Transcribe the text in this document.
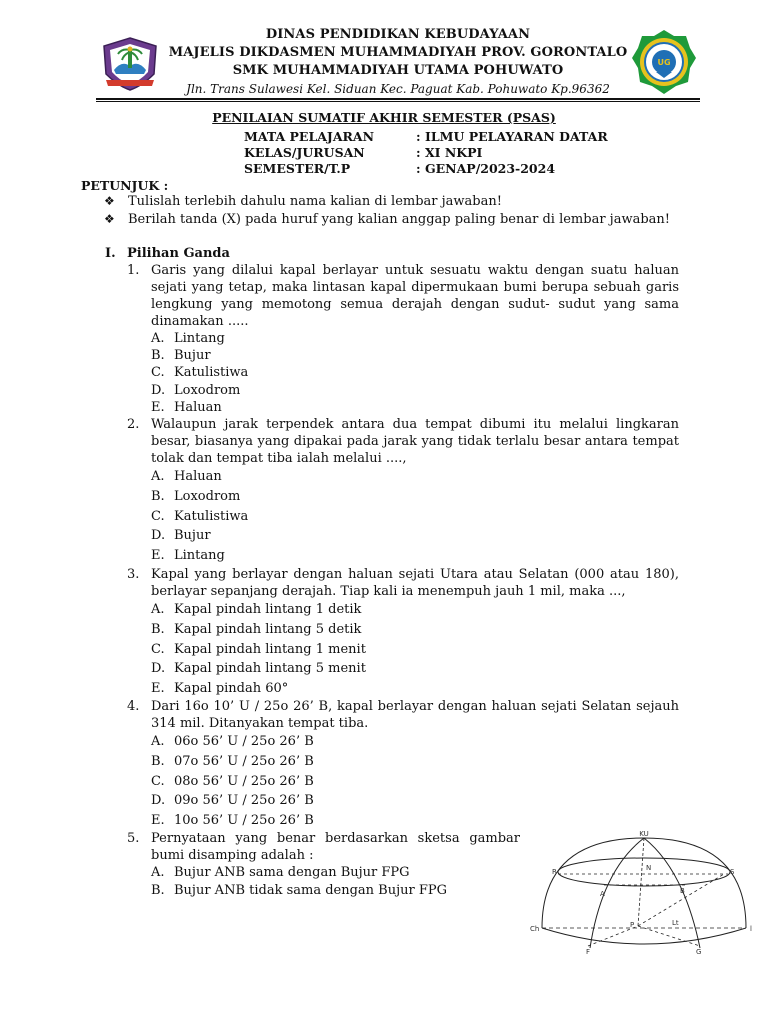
DINAS PENDIDIKAN KEBUDAYAAN
MAJELIS DIKDASMEN MUHAMMADIYAH PROV. GORONTALO
SMK MUHAMMADIYAH UTAMA POHUWATO
Jln. Trans Sulawesi Kel. Siduan Kec. Paguat Kab. Pohuwato Kp.96362
UG
PENILAIAN SUMATIF AKHIR SEMESTER (PSAS)
MATA PELAJARAN	: ILMU PELAYARAN DATAR
KELAS/JURUSAN	: XI NKPI
SEMESTER/T.P	: GENAP/2023-2024
PETUNJUK :
❖ Tulislah terlebih dahulu nama kalian di lembar jawaban!
❖ Berilah tanda (X) pada huruf yang kalian anggap paling benar di lembar jawaban!
I. Pilihan Ganda
1. Garis yang dilalui kapal berlayar untuk sesuatu waktu dengan suatu haluan sejati yang tetap, maka lintasan kapal dipermukaan bumi berupa sebuah garis lengkung yang memotong semua derajah dengan sudut- sudut yang sama dinamakan .....
A. Lintang
B. Bujur
C. Katulistiwa
D. Loxodrom
E. Haluan
2. Walaupun jarak terpendek antara dua tempat dibumi itu melalui lingkaran besar, biasanya yang dipakai pada jarak yang tidak terlalu besar antara tempat tolak dan tempat tiba ialah melalui ....,
A. Haluan
B. Loxodrom
C. Katulistiwa
D. Bujur
E. Lintang
3. Kapal yang berlayar dengan haluan sejati Utara atau Selatan (000 atau 180), berlayar sepanjang derajah. Tiap kali ia menempuh jauh 1 mil, maka ...,
A. Kapal pindah lintang 1 detik
B. Kapal pindah lintang 5 detik
C. Kapal pindah lintang 1 menit
D. Kapal pindah lintang 5 menit
E. Kapal pindah 60°
4. Dari 16o 10’ U / 25o 26’ B, kapal berlayar dengan haluan sejati Selatan sejauh 314 mil. Ditanyakan tempat tiba.
A. 06o 56’ U / 25o 26’ B
B. 07o 56’ U / 25o 26’ B
C. 08o 56’ U / 25o 26’ B
D. 09o 56’ U / 25o 26’ B
E. 10o 56’ U / 25o 26’ B
5. Pernyataan yang benar berdasarkan sketsa gambar bumi disamping adalah :
A. Bujur ANB sama dengan Bujur FPG
B. Bujur ANB tidak sama dengan Bujur FPG
KU
R	S
N
A	B
P	Lt
Ch	l
F	G
